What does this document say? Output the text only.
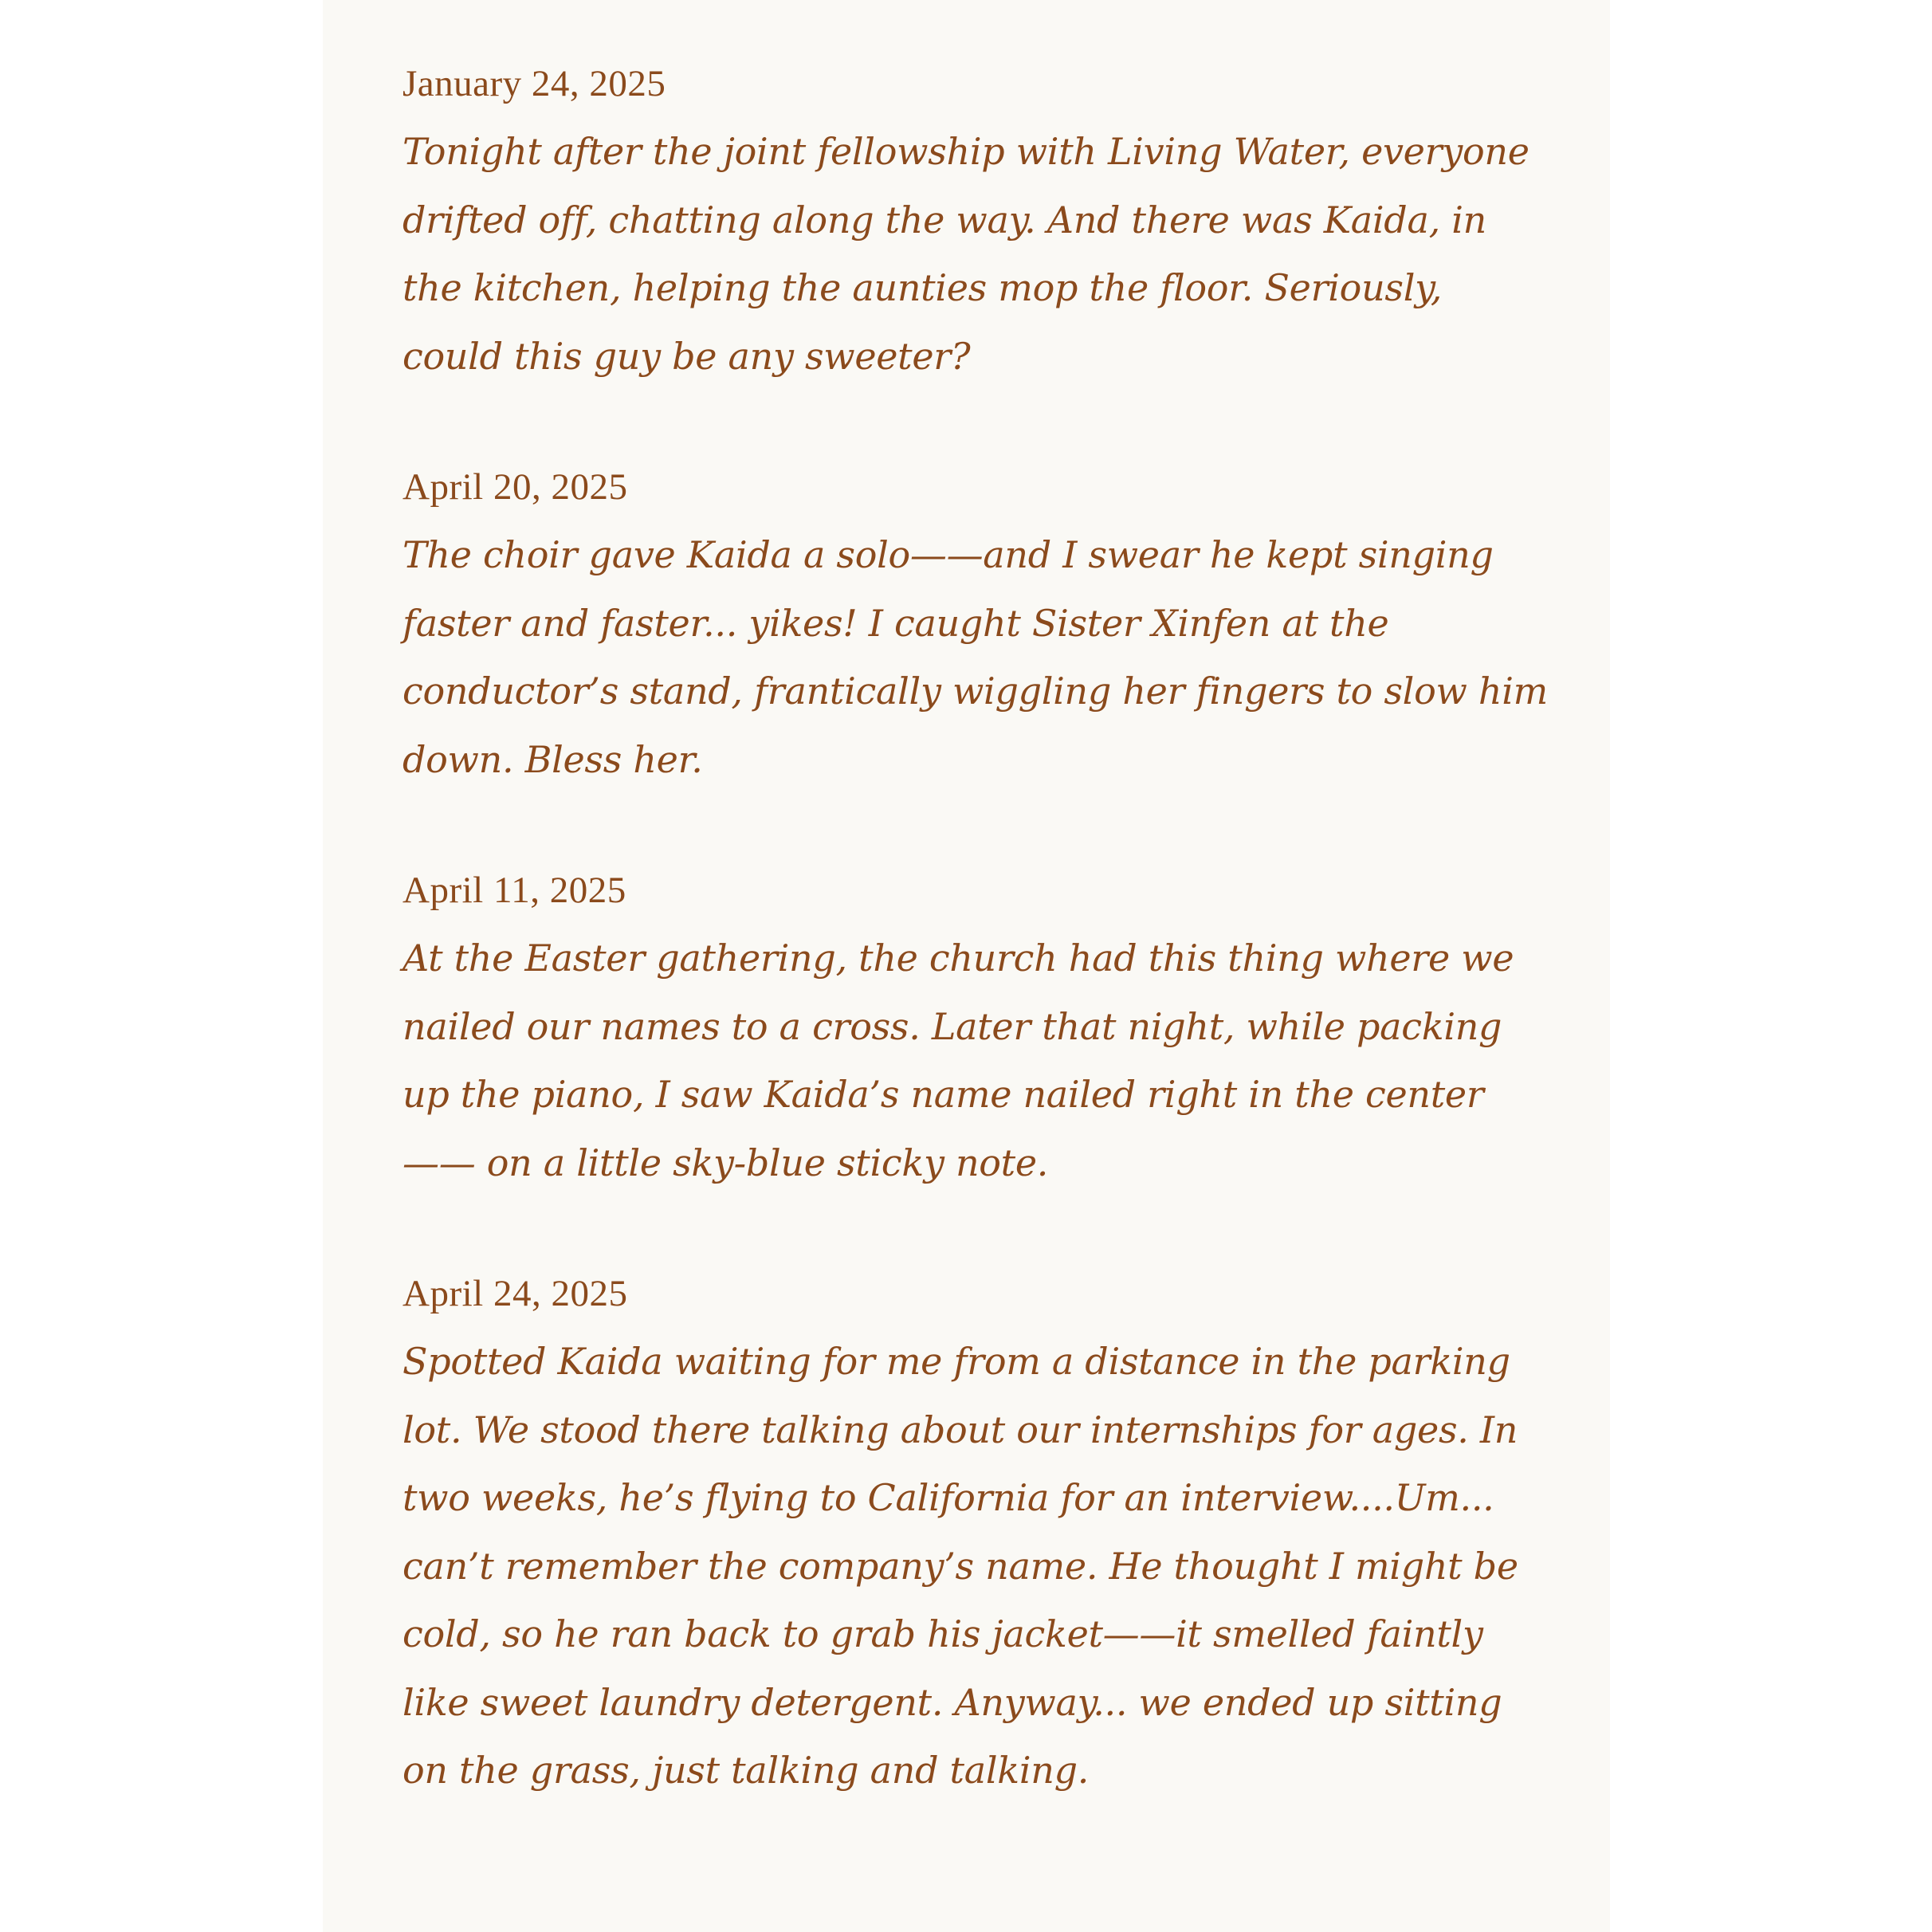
January 24, 2025

Tonight after the joint fellowship with Living Water, everyone drifted off, chatting along the way. And there was Kaida, in the kitchen, helping the aunties mop the floor. Seriously, could this guy be any sweeter?

April 20, 2025

The choir gave Kaida a solo——and I swear he kept singing faster and faster... yikes! I caught Sister Xinfen at the conductor’s stand, frantically wiggling her fingers to slow him down. Bless her.

April 11, 2025

At the Easter gathering, the church had this thing where we nailed our names to a cross. Later that night, while packing up the piano, I saw Kaida’s name nailed right in the center—— on a little sky-blue sticky note.

April 24, 2025

Spotted Kaida waiting for me from a distance in the parking lot. We stood there talking about our internships for ages. In two weeks, he’s flying to California for an interview....Um... can’t remember the company’s name. He thought I might be cold, so he ran back to grab his jacket——it smelled faintly like sweet laundry detergent. Anyway... we ended up sitting on the grass, just talking and talking.
